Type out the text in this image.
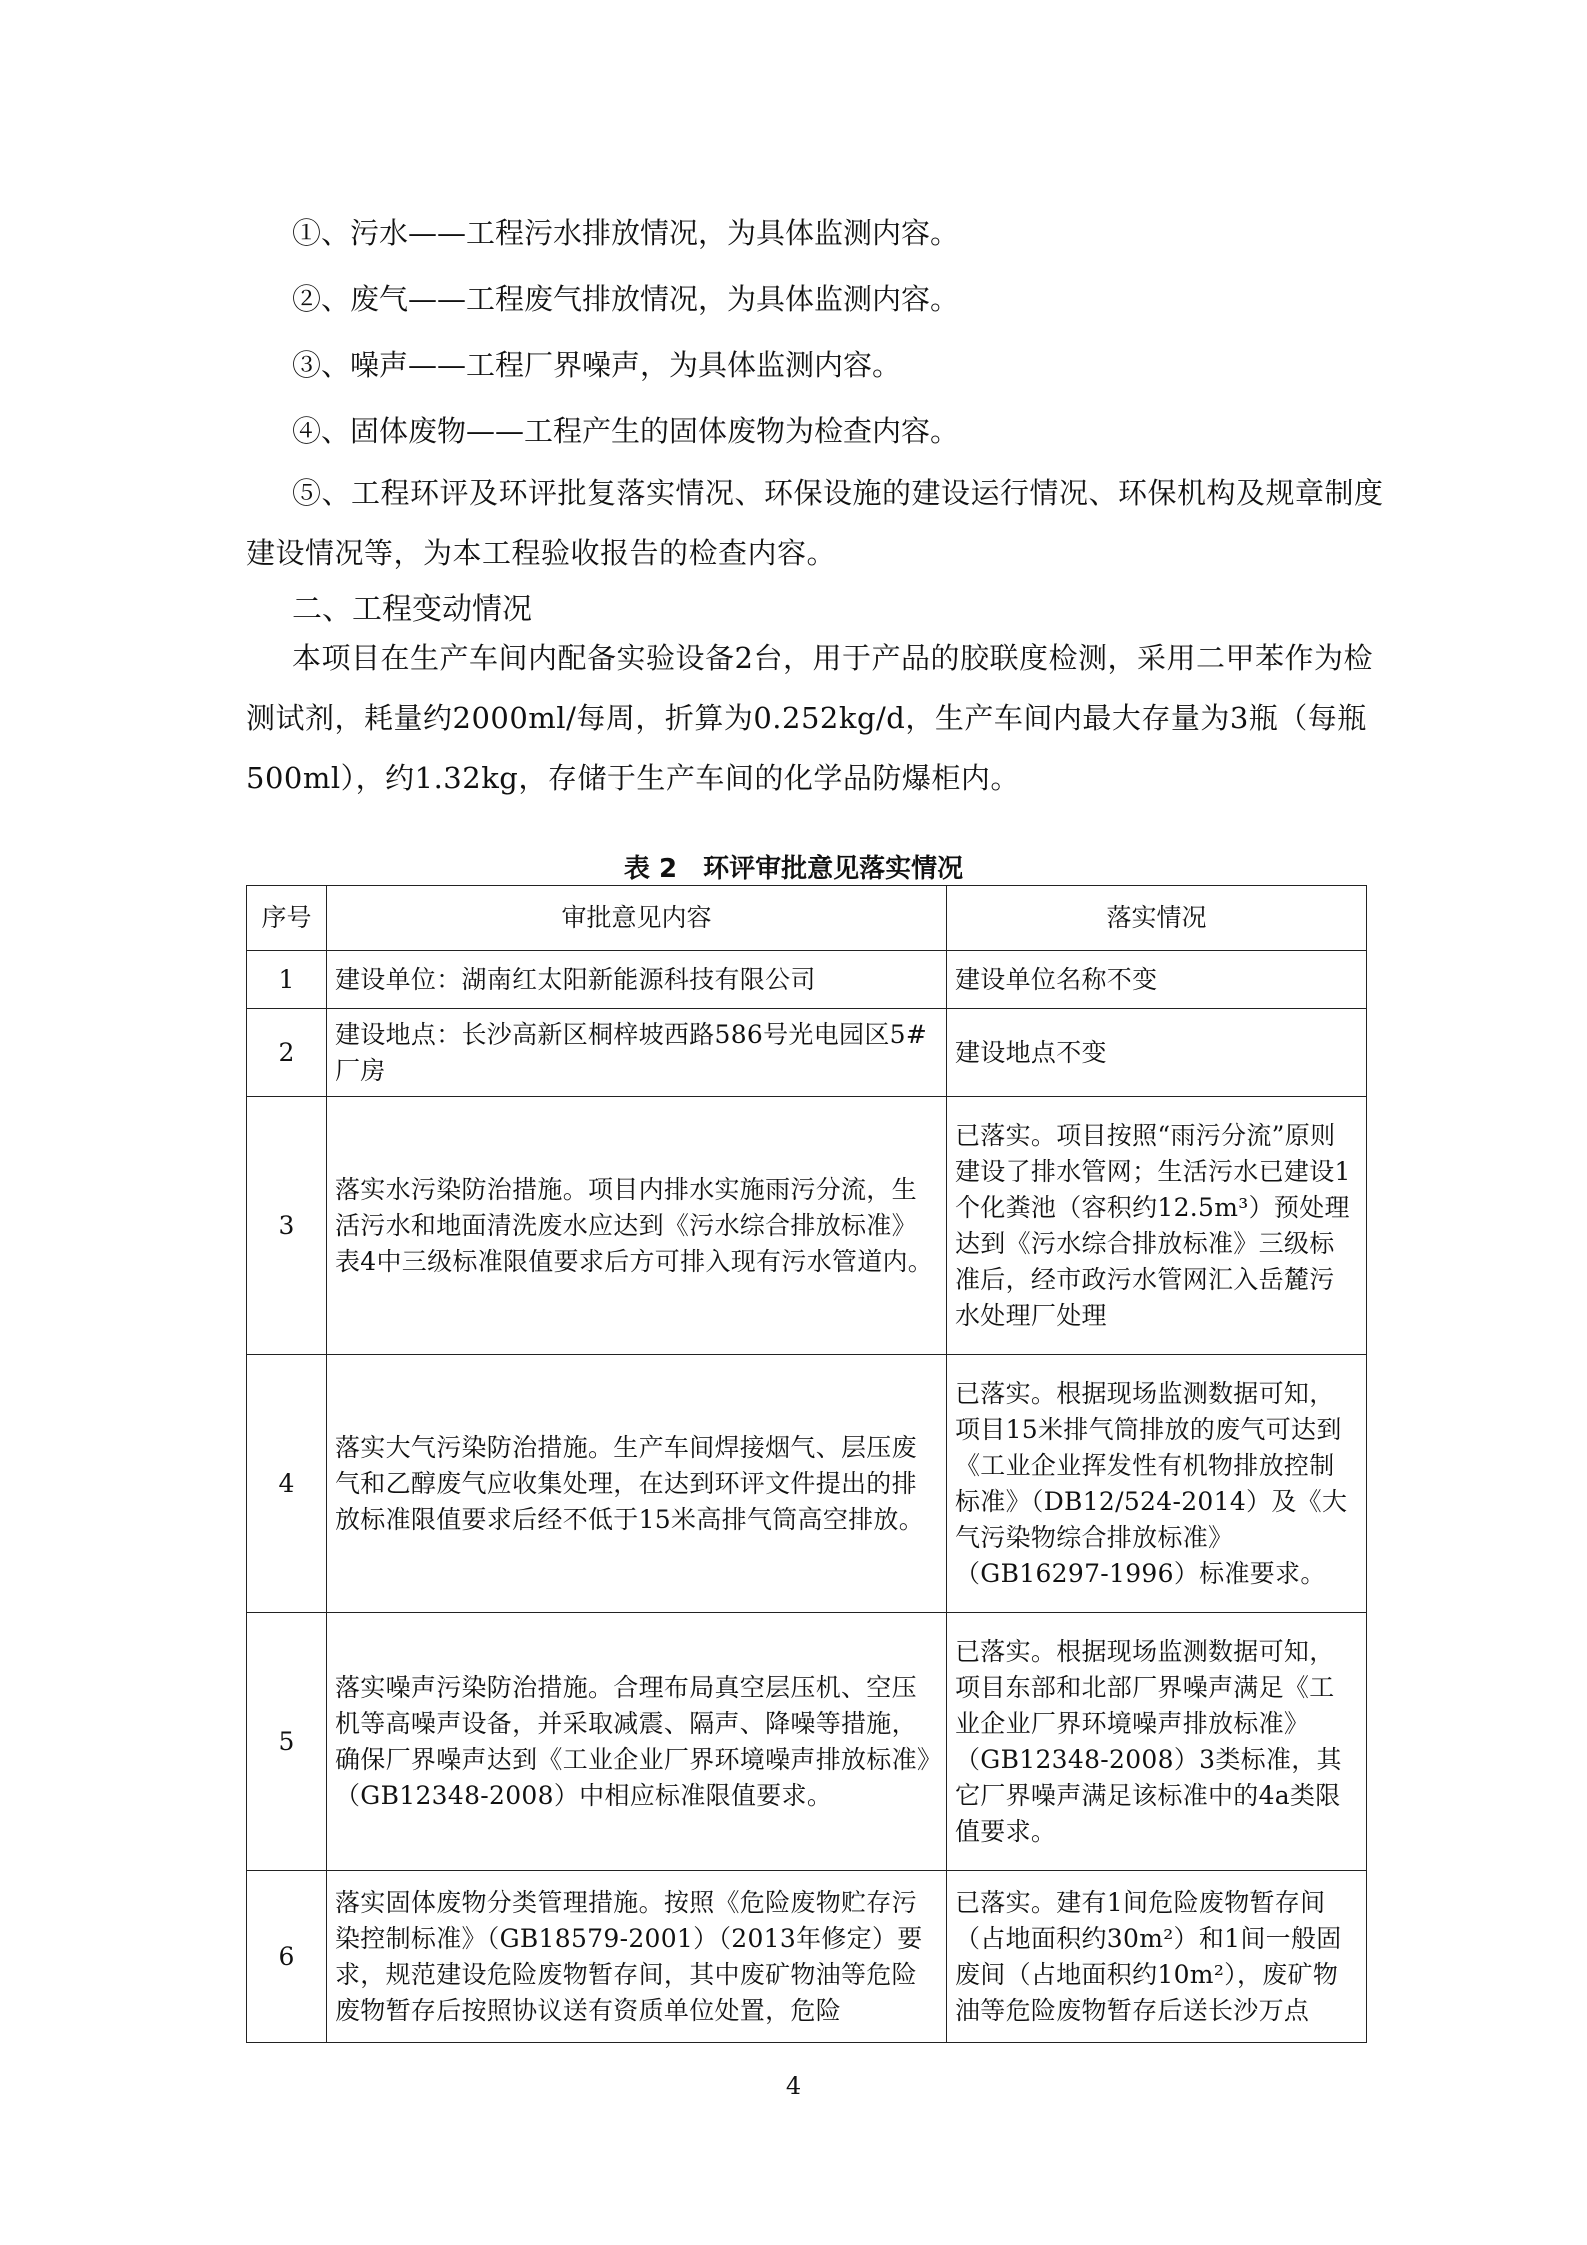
①、污水——工程污水排放情况，为具体监测内容。

②、废气——工程废气排放情况，为具体监测内容。

③、噪声——工程厂界噪声，为具体监测内容。

④、固体废物——工程产生的固体废物为检查内容。

⑤、工程环评及环评批复落实情况、环保设施的建设运行情况、环保机构及规章制度建设情况等，为本工程验收报告的检查内容。

二、工程变动情况

本项目在生产车间内配备实验设备2台，用于产品的胶联度检测，采用二甲苯作为检测试剂，耗量约2000ml/每周，折算为0.252kg/d，生产车间内最大存量为3瓶（每瓶500ml），约1.32kg，存储于生产车间的化学品防爆柜内。

表 2　环评审批意见落实情况
序号	审批意见内容	落实情况
1	建设单位：湖南红太阳新能源科技有限公司	建设单位名称不变
2	建设地点：长沙高新区桐梓坡西路586号光电园区5#厂房	建设地点不变
3	落实水污染防治措施。项目内排水实施雨污分流，生活污水和地面清洗废水应达到《污水综合排放标准》表4中三级标准限值要求后方可排入现有污水管道内。	已落实。项目按照“雨污分流”原则建设了排水管网；生活污水已建设1个化粪池（容积约12.5m³）预处理达到《污水综合排放标准》三级标准后，经市政污水管网汇入岳麓污水处理厂处理
4	落实大气污染防治措施。生产车间焊接烟气、层压废气和乙醇废气应收集处理，在达到环评文件提出的排放标准限值要求后经不低于15米高排气筒高空排放。	已落实。根据现场监测数据可知，项目15米排气筒排放的废气可达到《工业企业挥发性有机物排放控制标准》（DB12/524-2014）及《大气污染物综合排放标准》（GB16297-1996）标准要求。
5	落实噪声污染防治措施。合理布局真空层压机、空压机等高噪声设备，并采取减震、隔声、降噪等措施，确保厂界噪声达到《工业企业厂界环境噪声排放标准》（GB12348-2008）中相应标准限值要求。	已落实。根据现场监测数据可知，项目东部和北部厂界噪声满足《工业企业厂界环境噪声排放标准》（GB12348-2008）3类标准，其它厂界噪声满足该标准中的4a类限值要求。
6	落实固体废物分类管理措施。按照《危险废物贮存污染控制标准》（GB18579-2001）（2013年修定）要求，规范建设危险废物暂存间，其中废矿物油等危险废物暂存后按照协议送有资质单位处置，危险	已落实。建有1间危险废物暂存间（占地面积约30m²）和1间一般固废间（占地面积约10m²），废矿物油等危险废物暂存后送长沙万点
4
